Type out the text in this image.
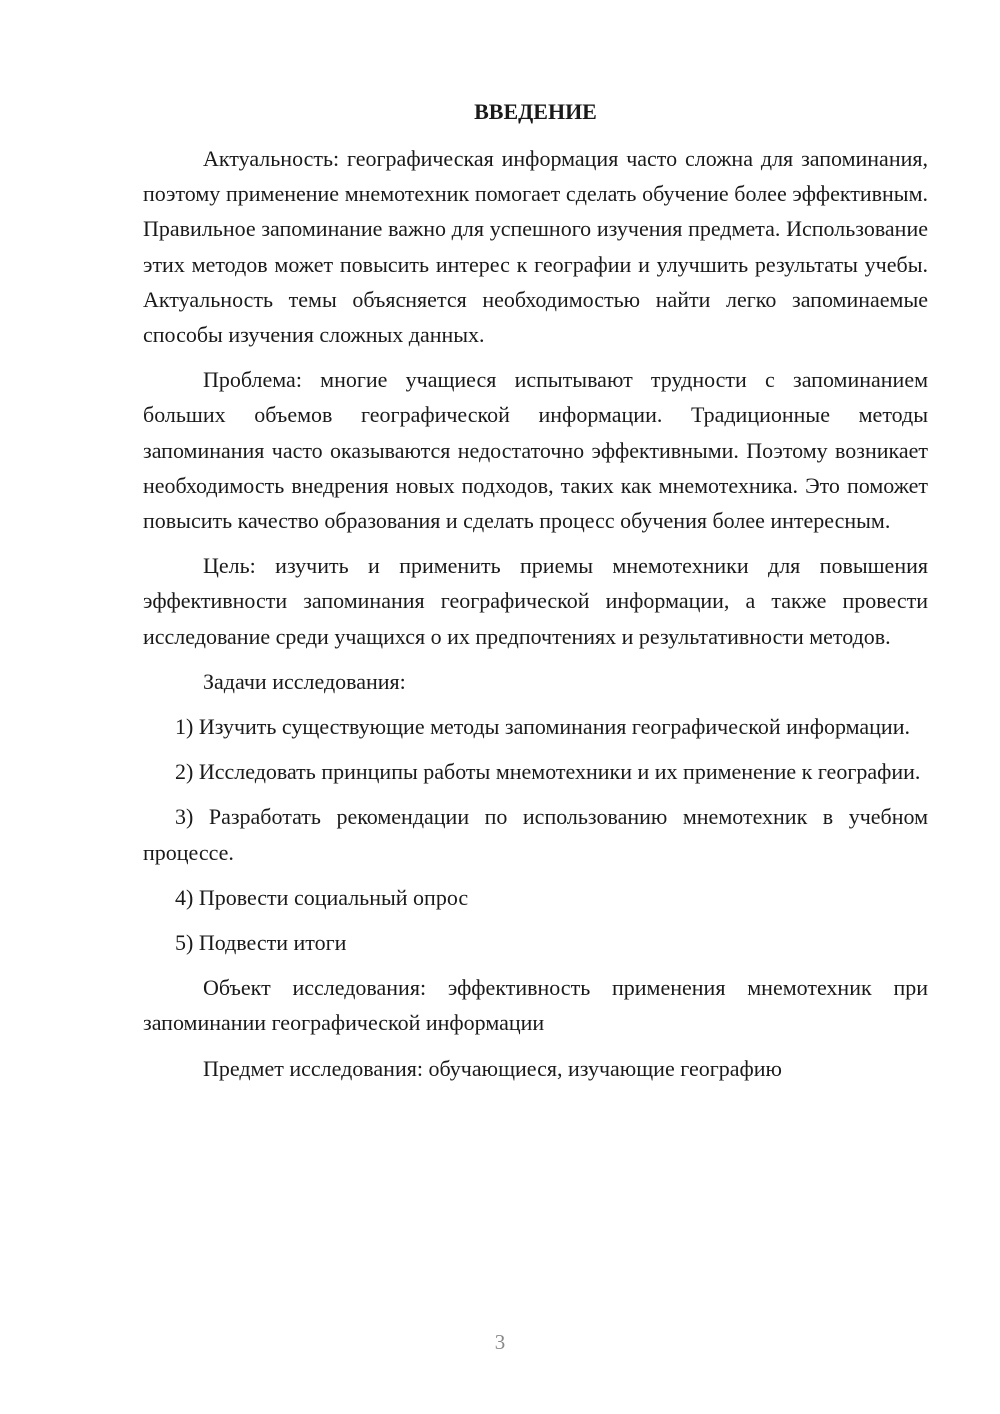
ВВЕДЕНИЕ

Актуальность: географическая информация часто сложна для запоминания, поэтому применение мнемотехник помогает сделать обучение более эффективным. Правильное запоминание важно для успешного изучения предмета. Использование этих методов может повысить интерес к географии и улучшить результаты учебы. Актуальность темы объясняется необходимостью найти легко запоминаемые способы изучения сложных данных.

Проблема: многие учащиеся испытывают трудности с запоминанием больших объемов географической информации. Традиционные методы запоминания часто оказываются недостаточно эффективными. Поэтому возникает необходимость внедрения новых подходов, таких как мнемотехника. Это поможет повысить качество образования и сделать процесс обучения более интересным.

Цель: изучить и применить приемы мнемотехники для повышения эффективности запоминания географической информации, а также провести исследование среди учащихся о их предпочтениях и результативности методов.

Задачи исследования:

1) Изучить существующие методы запоминания географической информации.

2) Исследовать принципы работы мнемотехники и их применение к географии.

3) Разработать рекомендации по использованию мнемотехник в учебном процессе.

4) Провести социальный опрос

5) Подвести итоги

Объект исследования: эффективность применения мнемотехник при запоминании географической информации

Предмет исследования: обучающиеся, изучающие географию

3
